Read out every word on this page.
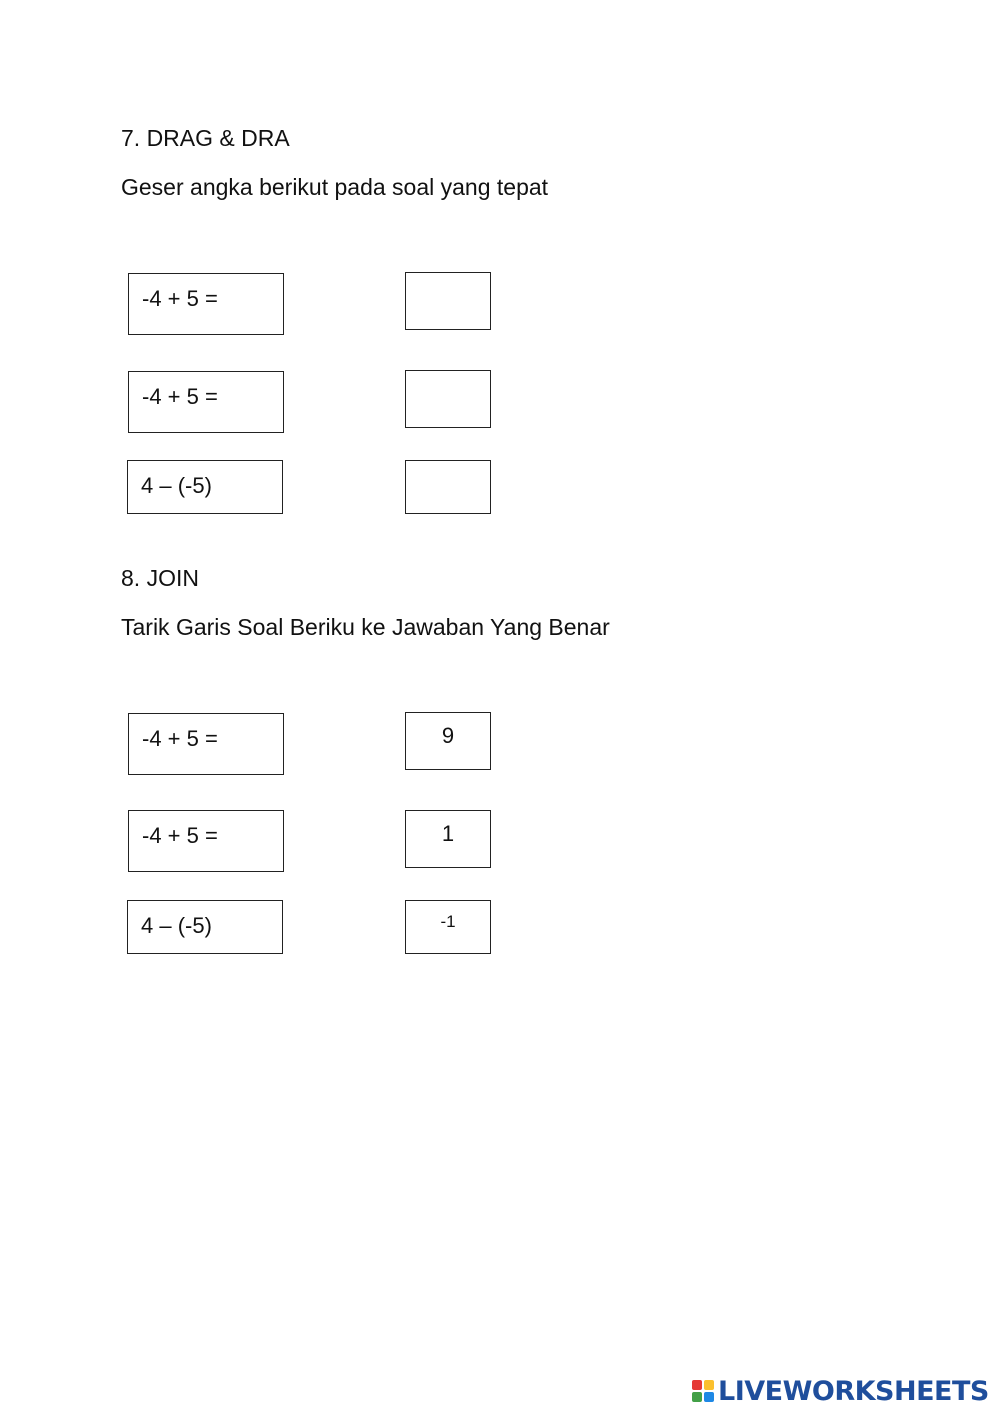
7. DRAG & DRA
Geser angka berikut pada soal yang tepat
-4 + 5 =
-4 + 5 =
4 – (-5)
8. JOIN
Tarik Garis Soal Beriku ke Jawaban Yang Benar
-4 + 5 =	9
-4 + 5 =	1
4 – (-5)	-1
LIVEWORKSHEETS
